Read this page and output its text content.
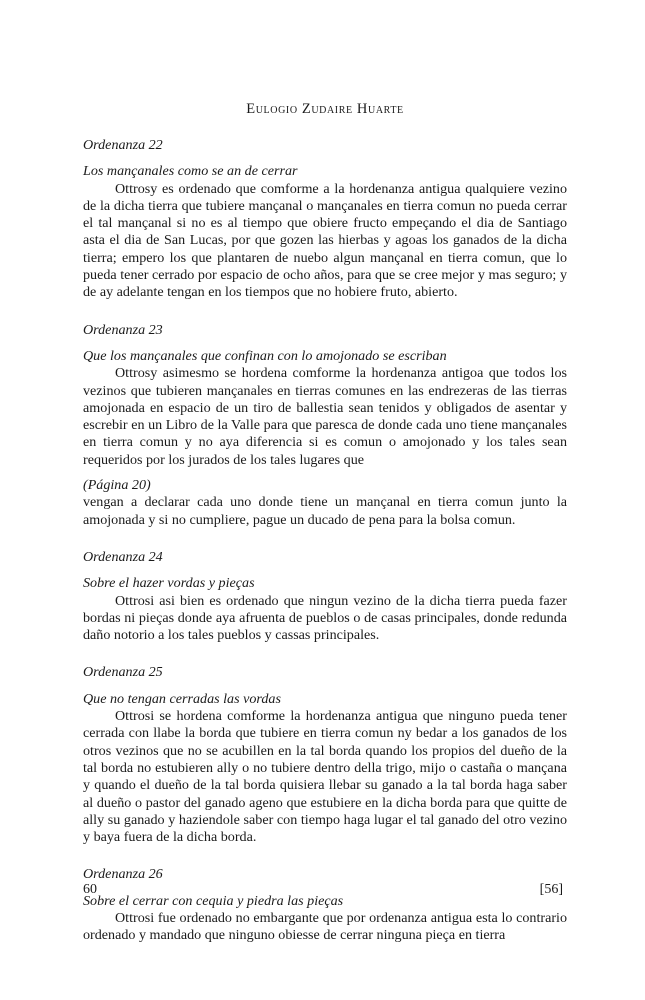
Eulogio Zudaire Huarte

Ordenanza 22

Los mançanales como se an de cerrar

Ottrosy es ordenado que comforme a la hordenanza antigua qualquiere vezino de la dicha tierra que tubiere mançanal o mançanales en tierra comun no pueda cerrar el tal mançanal si no es al tiempo que obiere fructo empeçando el dia de Santiago asta el dia de San Lucas, por que gozen las hierbas y agoas los ganados de la dicha tierra; empero los que plantaren de nuebo algun mançanal en tierra comun, que lo pueda tener cerrado por espacio de ocho años, para que se cree mejor y mas seguro; y de ay adelante tengan en los tiempos que no hobiere fruto, abierto.

Ordenanza 23

Que los mançanales que confinan con lo amojonado se escriban

Ottrosy asimesmo se hordena comforme la hordenanza antigoa que todos los vezinos que tubieren mançanales en tierras comunes en las endrezeras de las tierras amojonada en espacio de un tiro de ballestia sean tenidos y obligados de asentar y escrebir en un Libro de la Valle para que paresca de donde cada uno tiene mançanales en tierra comun y no aya diferencia si es comun o amojonado y los tales sean requeridos por los jurados de los tales lugares que

(Página 20)

vengan a declarar cada uno donde tiene un mançanal en tierra comun junto la amojonada y si no cumpliere, pague un ducado de pena para la bolsa comun.

Ordenanza 24

Sobre el hazer vordas y pieças

Ottrosi asi bien es ordenado que ningun vezino de la dicha tierra pueda fazer bordas ni pieças donde aya afruenta de pueblos o de casas principales, donde redunda daño notorio a los tales pueblos y cassas principales.

Ordenanza 25

Que no tengan cerradas las vordas

Ottrosi se hordena comforme la hordenanza antigua que ninguno pueda tener cerrada con llabe la borda que tubiere en tierra comun ny bedar a los ganados de los otros vezinos que no se acubillen en la tal borda quando los propios del dueño de la tal borda no estubieren ally o no tubiere dentro della trigo, mijo o castaña o mançana y quando el dueño de la tal borda quisiera llebar su ganado a la tal borda haga saber al dueño o pastor del ganado ageno que estubiere en la dicha borda para que quitte de ally su ganado y haziendole saber con tiempo haga lugar el tal ganado del otro vezino y baya fuera de la dicha borda.

Ordenanza 26

Sobre el cerrar con cequia y piedra las pieças

Ottrosi fue ordenado no embargante que por ordenanza antigua esta lo contrario ordenado y mandado que ninguno obiesse de cerrar ninguna pieça en tierra

60	[56]
